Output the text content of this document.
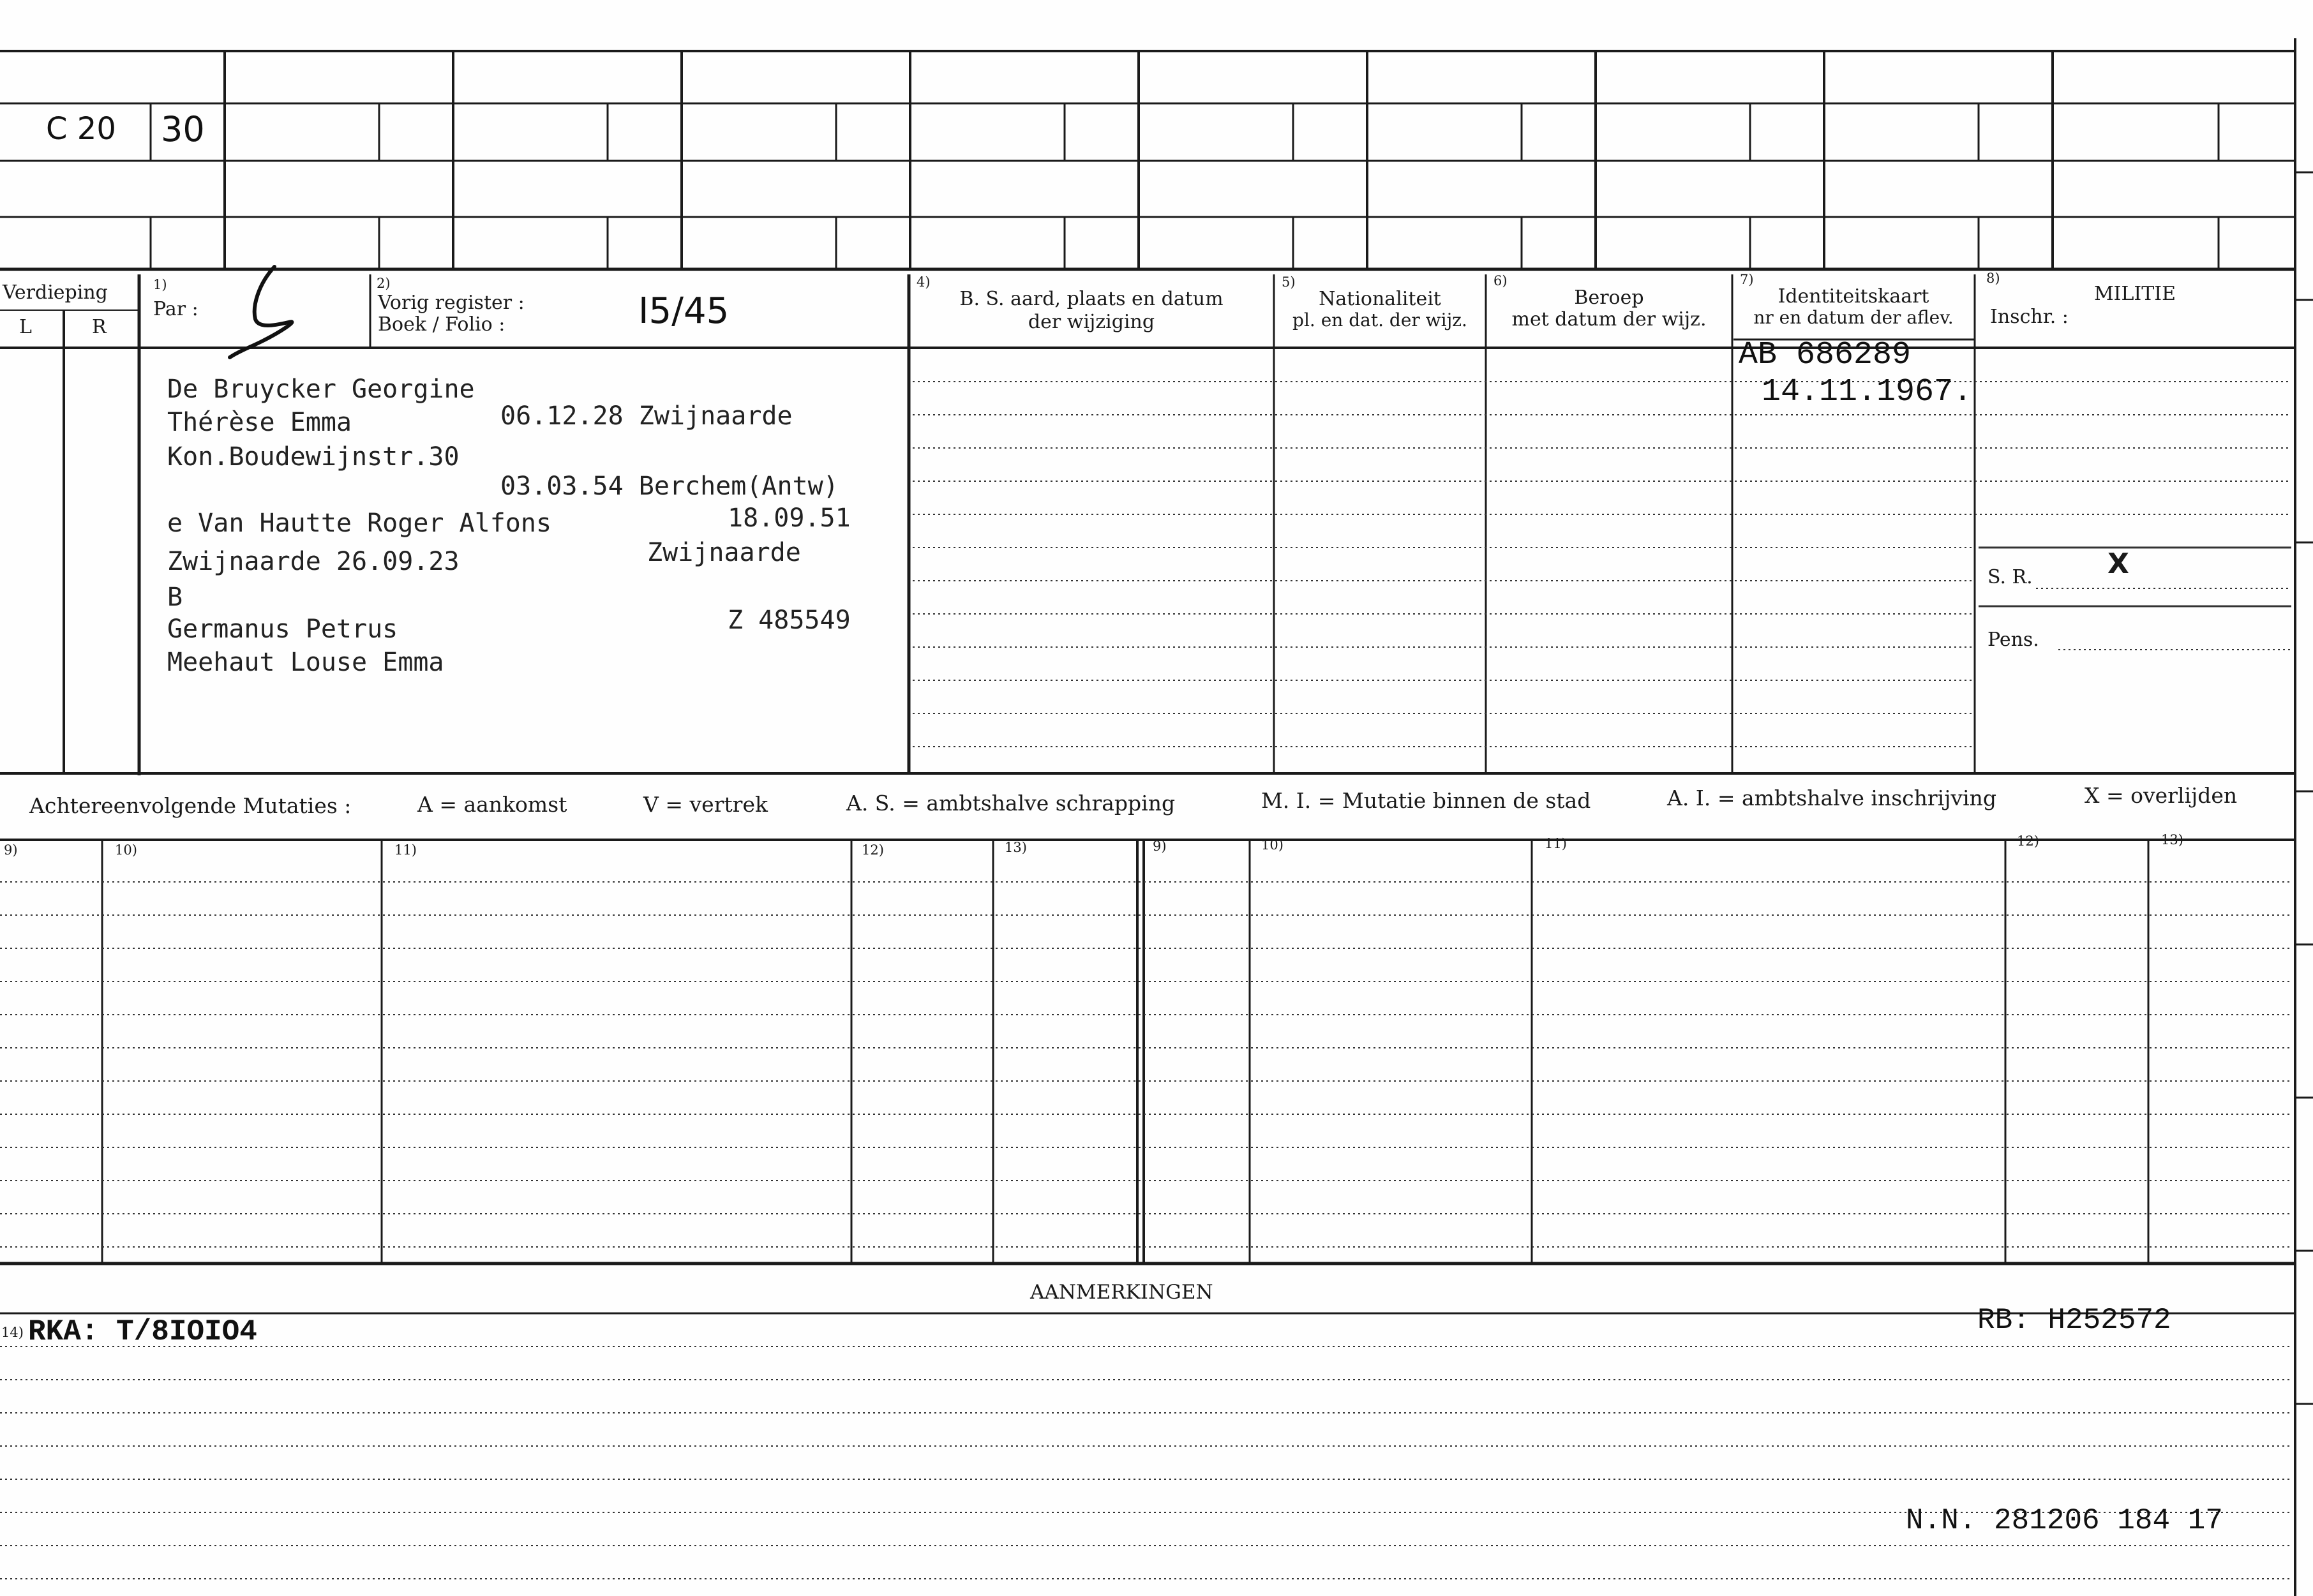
C 20 30
Verdieping
L	R
1)
Par :
2)
Vorig register :
Boek / Folio :	I5/45
4)
B. S. aard, plaats en datum
der wijziging
5)
Nationaliteit
pl. en dat. der wijz.
6)
Beroep
met datum der wijz.
7)
Identiteitskaart
nr en datum der aflev.
8)
MILITIE
Inschr. :
De Bruycker Georgine
Thérèse Emma	06.12.28 Zwijnaarde
Kon.Boudewijnstr.30
03.03.54 Berchem(Antw)
e Van Hautte Roger Alfons	18.09.51
Zwijnaarde 26.09.23	Zwijnaarde
B
Germanus Petrus	Z 485549
Meehaut Louse Emma
AB 686289
14.11.1967.
S. R.	X
Pens.
Achtereenvolgende Mutaties :	A = aankomst	V = vertrek	A. S. = ambtshalve schrapping	M. I. = Mutatie binnen de stad	A. I. = ambtshalve inschrijving	X = overlijden
9)	10)	11)	12)	13)	9)	10)	11)	12)	13)
AANMERKINGEN
14) RKA: T/8IOIO4	RB: H252572
N.N. 281206 184 17
